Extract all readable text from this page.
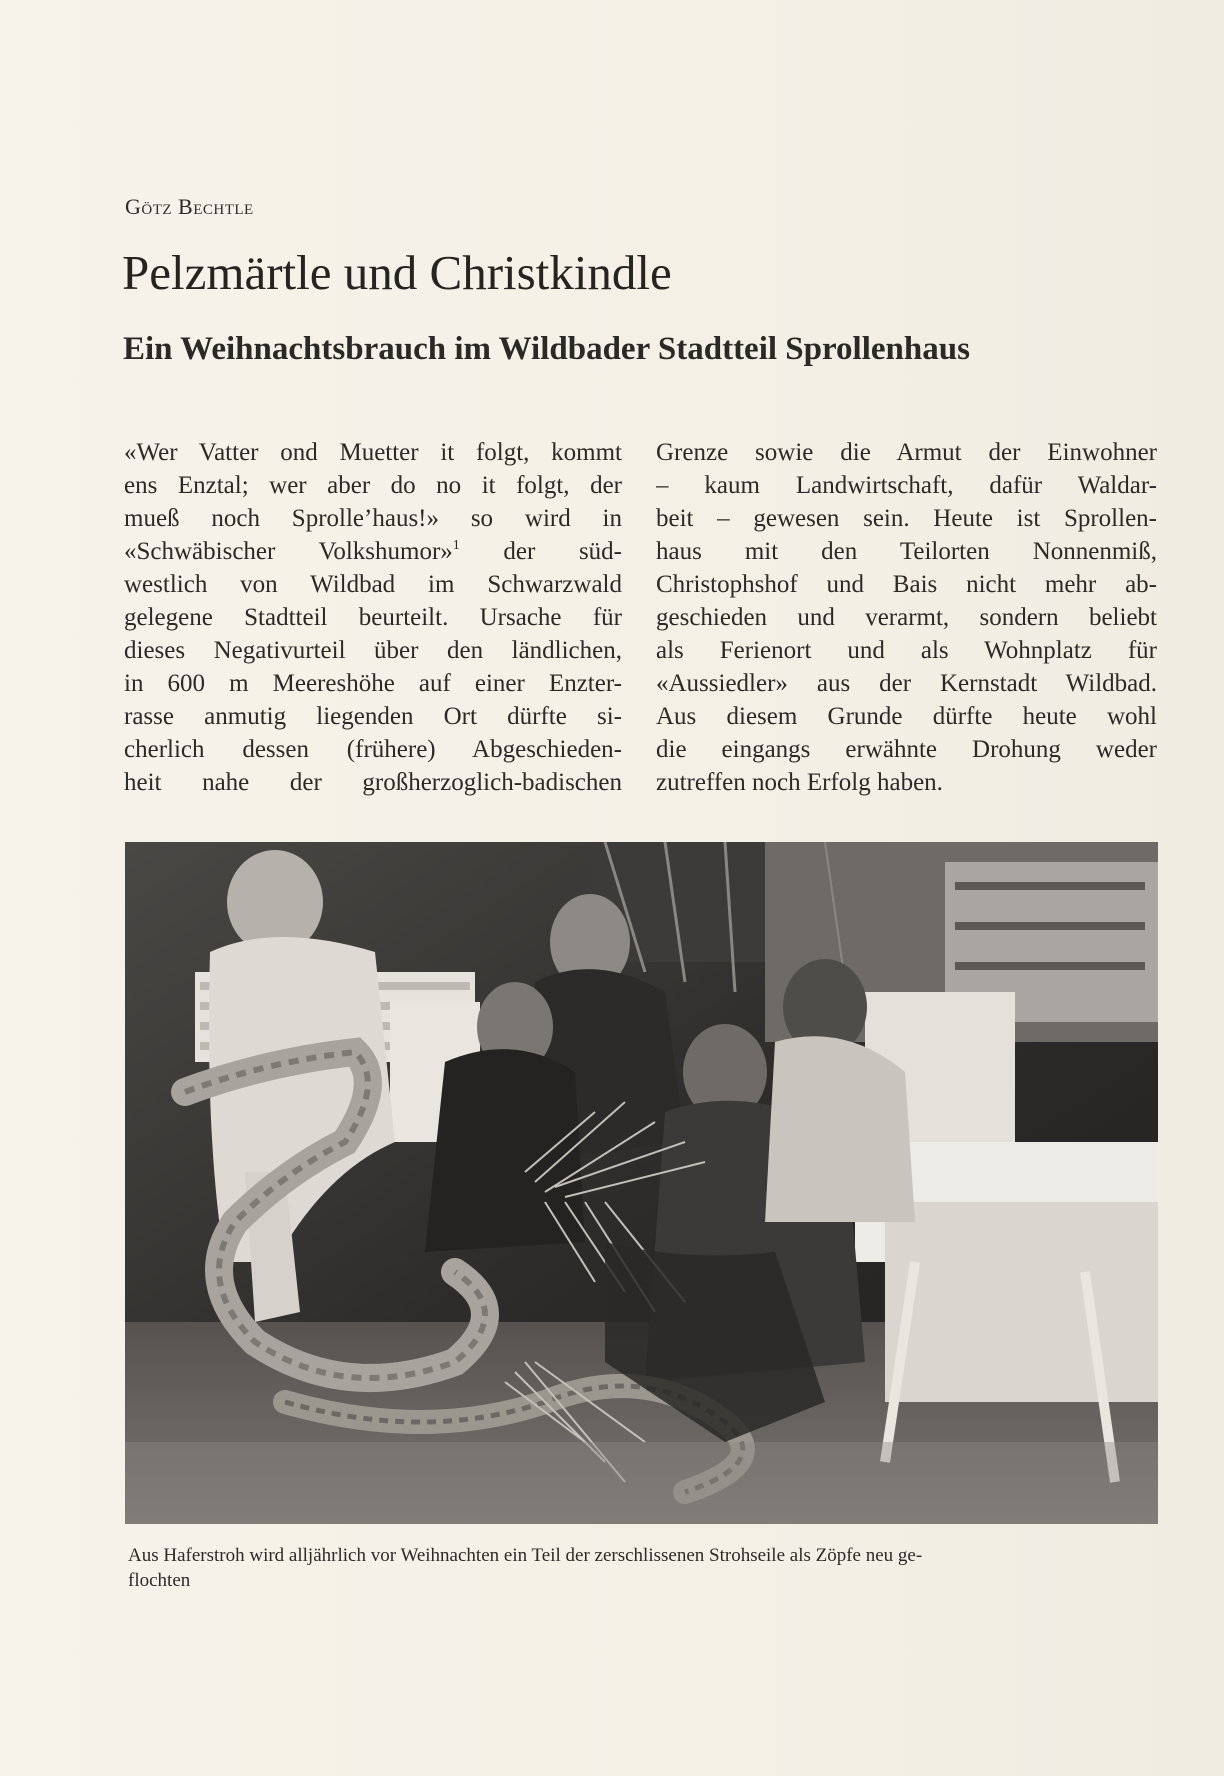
Götz Bechtle
Pelzmärtle und Christkindle
Ein Weihnachtsbrauch im Wildbader Stadtteil Sprollenhaus
«Wer Vatter ond Muetter it folgt, kommt
ens Enztal; wer aber do no it folgt, der
mueß noch Sprolle’haus!» so wird in
«Schwäbischer Volkshumor»$^1$ der süd-
westlich von Wildbad im Schwarzwald
gelegene Stadtteil beurteilt. Ursache für
dieses Negativurteil über den ländlichen,
in 600 m Meereshöhe auf einer Enzter-
rasse anmutig liegenden Ort dürfte si-
cherlich dessen (frühere) Abgeschieden-
heit nahe der großherzoglich-badischen
Grenze sowie die Armut der Einwohner
– kaum Landwirtschaft, dafür Waldar-
beit – gewesen sein. Heute ist Sprollen-
haus mit den Teilorten Nonnenmiß,
Christophshof und Bais nicht mehr ab-
geschieden und verarmt, sondern beliebt
als Ferienort und als Wohnplatz für
«Aussiedler» aus der Kernstadt Wildbad.
Aus diesem Grunde dürfte heute wohl
die eingangs erwähnte Drohung weder
zutreffen noch Erfolg haben.
Aus Haferstroh wird alljährlich vor Weihnachten ein Teil der zerschlissenen Strohseile als Zöpfe neu ge-
flochten
